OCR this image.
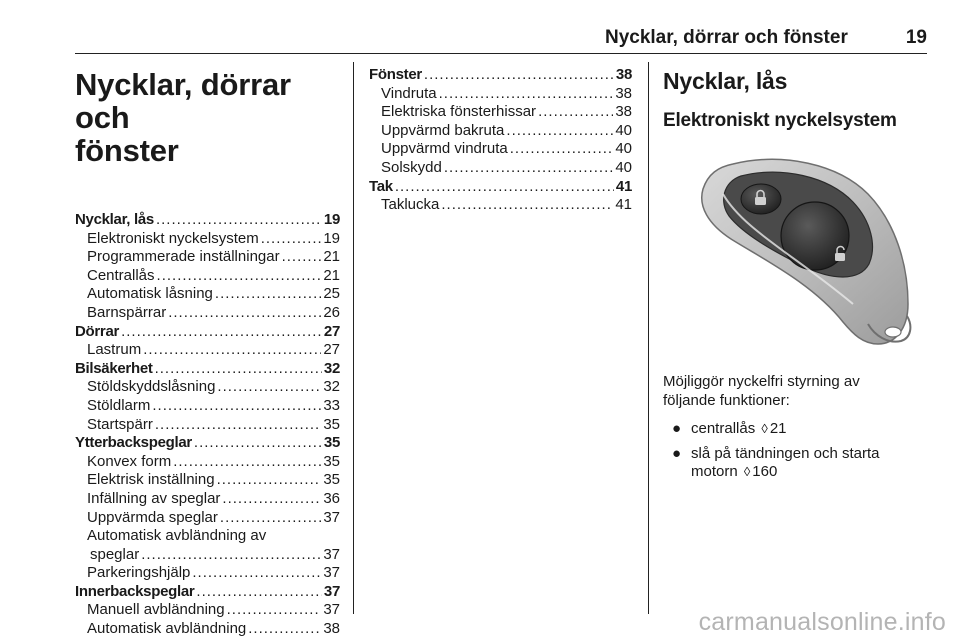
Nycklar, dörrar och fönster	19
Nycklar, dörrar och
fönster
Nycklar, lås .....	19
Elektroniskt nyckelsystem .....	19
Programmerade inställningar .....	21
Centrallås .....	21
Automatisk låsning .....	25
Barnspärrar .....	26
Dörrar .....	27
Lastrum .....	27
Bilsäkerhet .....	32
Stöldskyddslåsning .....	32
Stöldlarm .....	33
Startspärr .....	35
Ytterbackspeglar .....	35
Konvex form .....	35
Elektrisk inställning .....	35
Infällning av speglar .....	36
Uppvärmda speglar .....	37
Automatisk avbländning av
speglar .....	37
Parkeringshjälp .....	37
Innerbackspeglar .....	37
Manuell avbländning .....	37
Automatisk avbländning .....	38
Fönster .....	38
Vindruta .....	38
Elektriska fönsterhissar .....	38
Uppvärmd bakruta .....	40
Uppvärmd vindruta .....	40
Solskydd .....	40
Tak .....	41
Taklucka .....	41
Nycklar, lås
Elektroniskt nyckelsystem

Möjliggör nyckelfri styrning av
följande funktioner:

● centrallås ◊ 21
● slå på tändningen och starta
motorn ◊ 160
carmanualsonline.info
